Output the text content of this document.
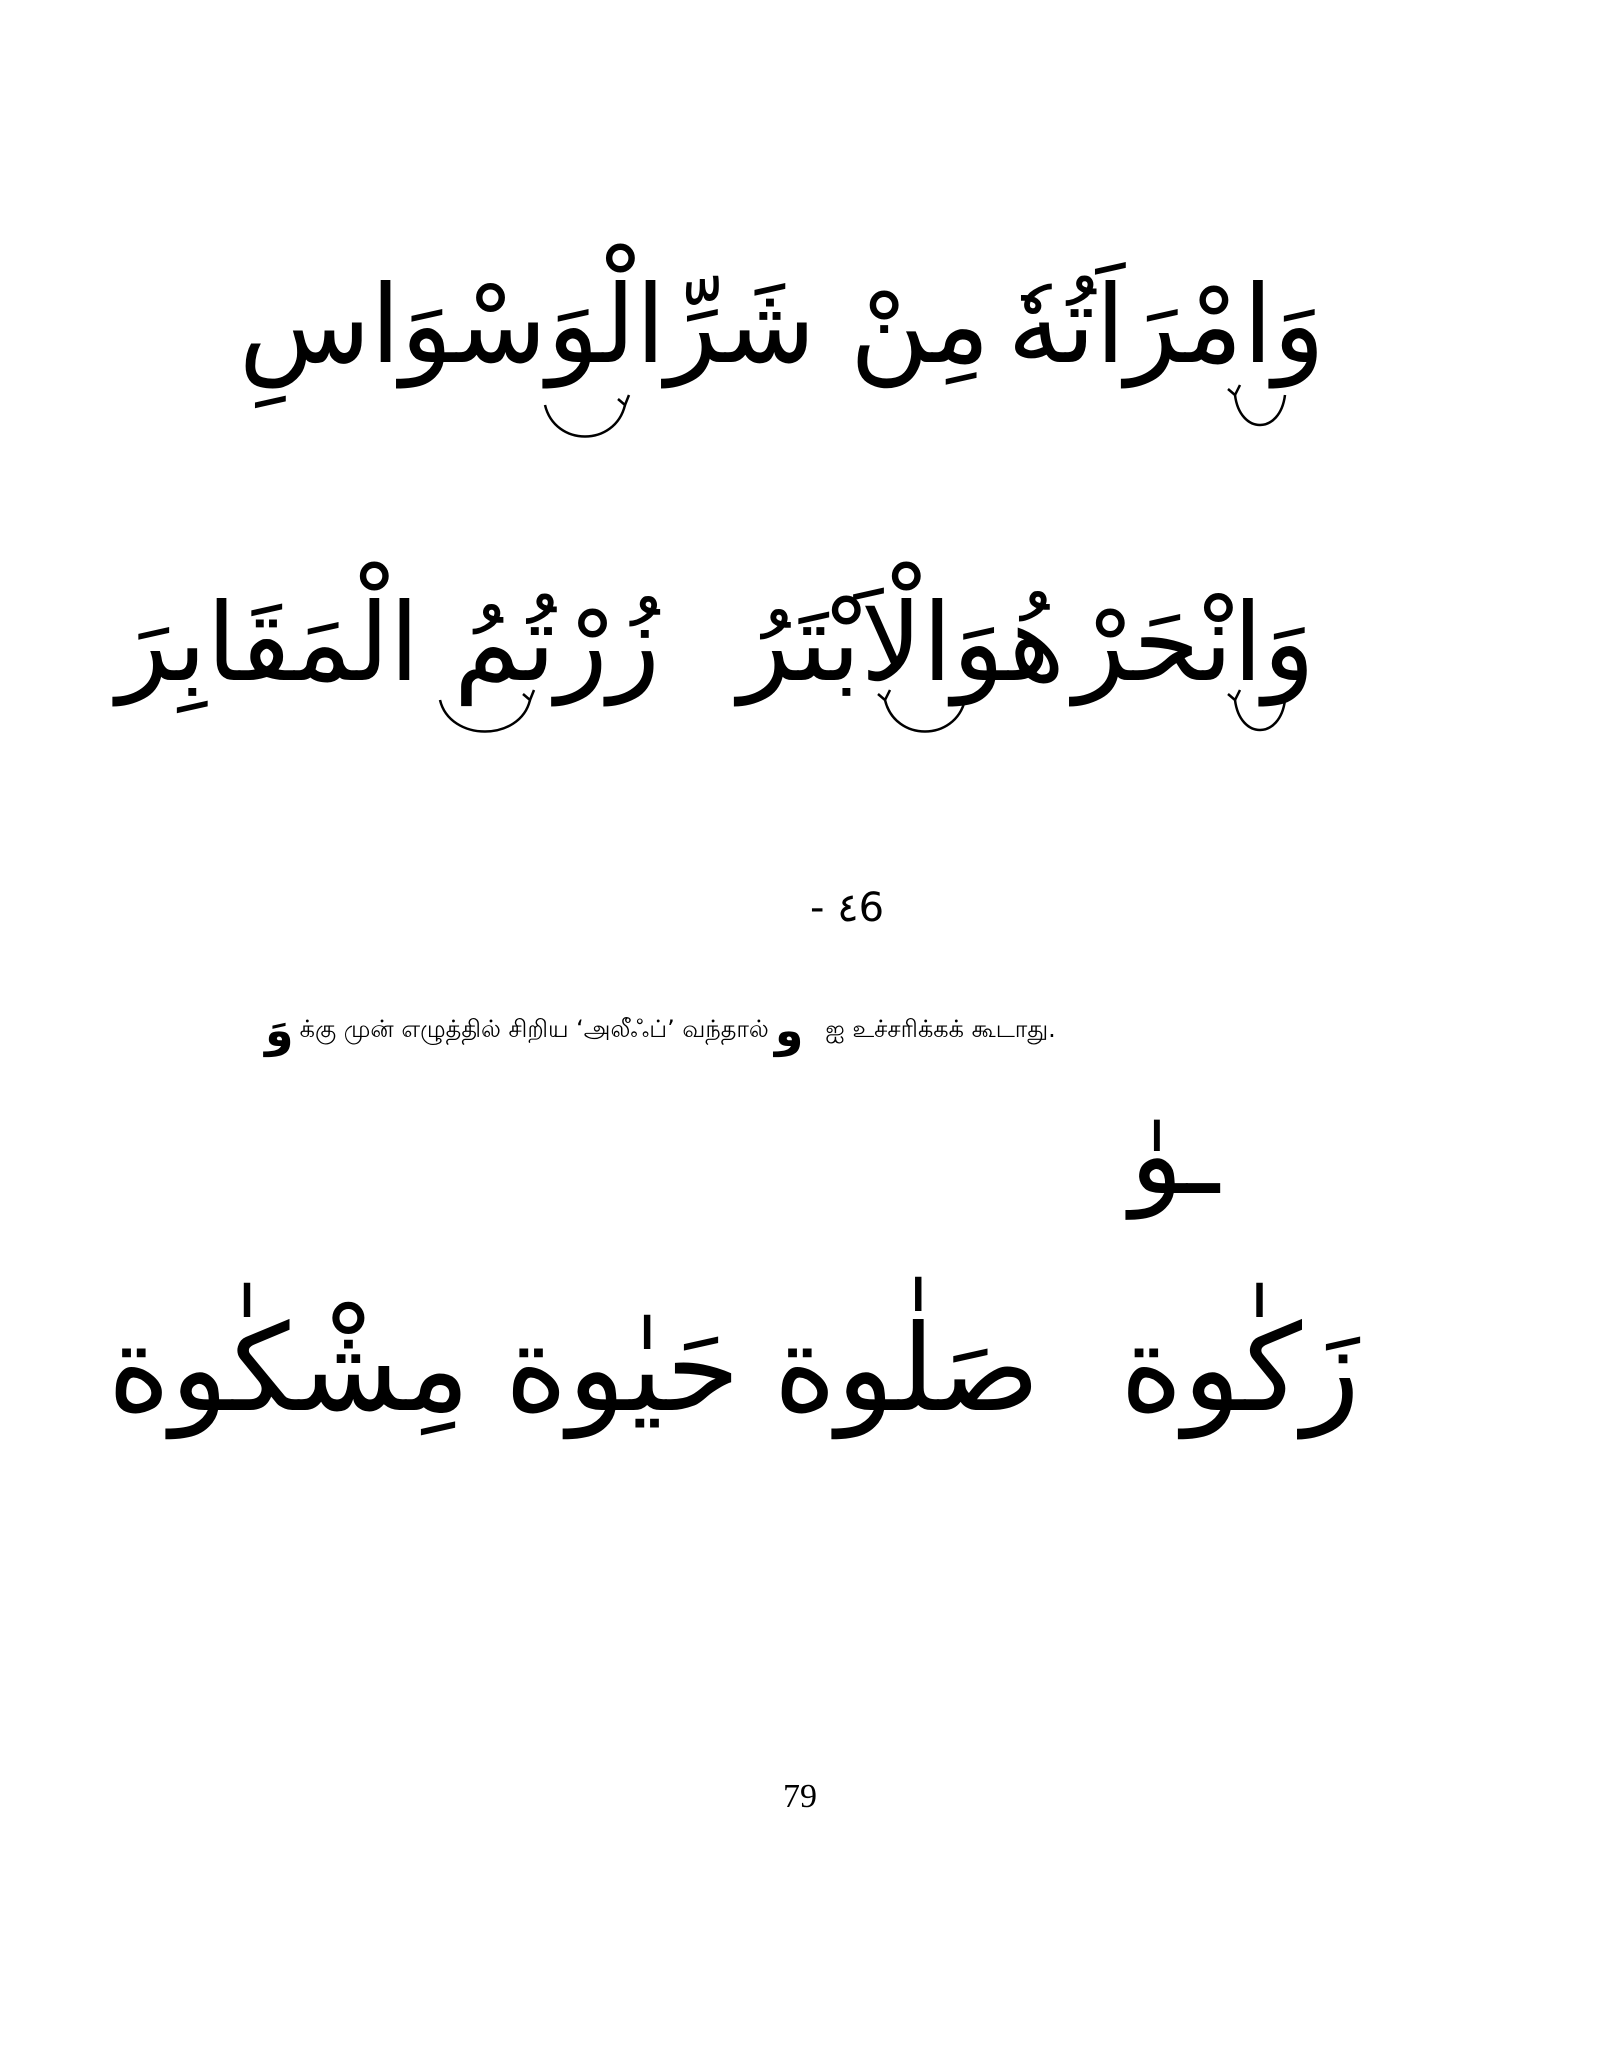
وَامْرَاَتُهٗ
مِنْ شَرِّالْوَسْوَاسِ
وَانْحَرْ
هُوَالْاَبْتَرُ
زُرْتُمُ الْمَقَابِرَ
- ٤6
وَ க்கு முன் எழுத்தில் சிறிய ‘அலீஃப்’ வந்தால் و ஐ உச்சரிக்கக் கூடாது.
ـوٰ
زَكٰوة
صَلٰوة
حَيٰوة
مِشْكٰوة
79
